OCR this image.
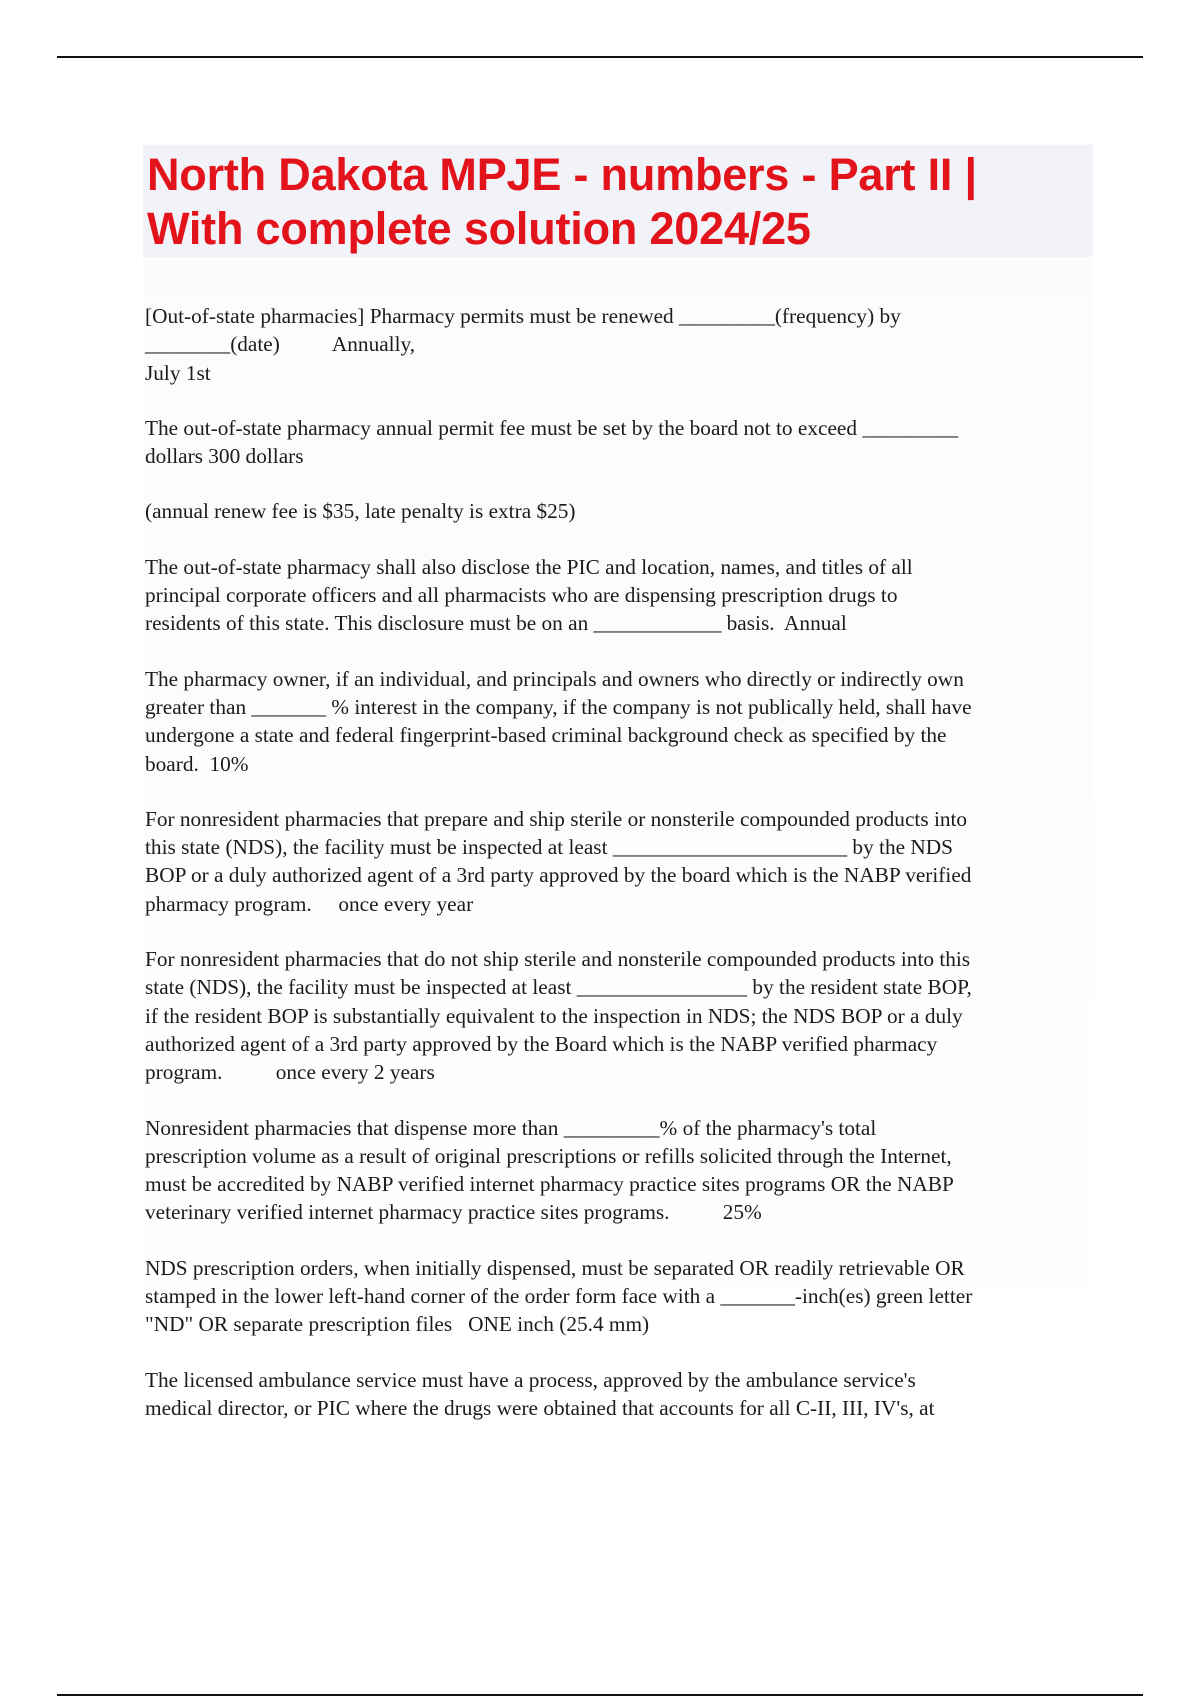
North Dakota MPJE - numbers - Part II |
With complete solution 2024/25

[Out-of-state pharmacies] Pharmacy permits must be renewed _________(frequency) by
________(date)          Annually,
July 1st

The out-of-state pharmacy annual permit fee must be set by the board not to exceed _________
dollars 300 dollars

(annual renew fee is $35, late penalty is extra $25)

The out-of-state pharmacy shall also disclose the PIC and location, names, and titles of all
principal corporate officers and all pharmacists who are dispensing prescription drugs to
residents of this state. This disclosure must be on an ____________ basis.  Annual

The pharmacy owner, if an individual, and principals and owners who directly or indirectly own
greater than _______ % interest in the company, if the company is not publically held, shall have
undergone a state and federal fingerprint-based criminal background check as specified by the
board.  10%

For nonresident pharmacies that prepare and ship sterile or nonsterile compounded products into
this state (NDS), the facility must be inspected at least ______________________ by the NDS
BOP or a duly authorized agent of a 3rd party approved by the board which is the NABP verified
pharmacy program.     once every year

For nonresident pharmacies that do not ship sterile and nonsterile compounded products into this
state (NDS), the facility must be inspected at least ________________ by the resident state BOP,
if the resident BOP is substantially equivalent to the inspection in NDS; the NDS BOP or a duly
authorized agent of a 3rd party approved by the Board which is the NABP verified pharmacy
program.          once every 2 years

Nonresident pharmacies that dispense more than _________% of the pharmacy's total
prescription volume as a result of original prescriptions or refills solicited through the Internet,
must be accredited by NABP verified internet pharmacy practice sites programs OR the NABP
veterinary verified internet pharmacy practice sites programs.          25%

NDS prescription orders, when initially dispensed, must be separated OR readily retrievable OR
stamped in the lower left-hand corner of the order form face with a _______-inch(es) green letter
"ND" OR separate prescription files   ONE inch (25.4 mm)

The licensed ambulance service must have a process, approved by the ambulance service's
medical director, or PIC where the drugs were obtained that accounts for all C-II, III, IV's, at
